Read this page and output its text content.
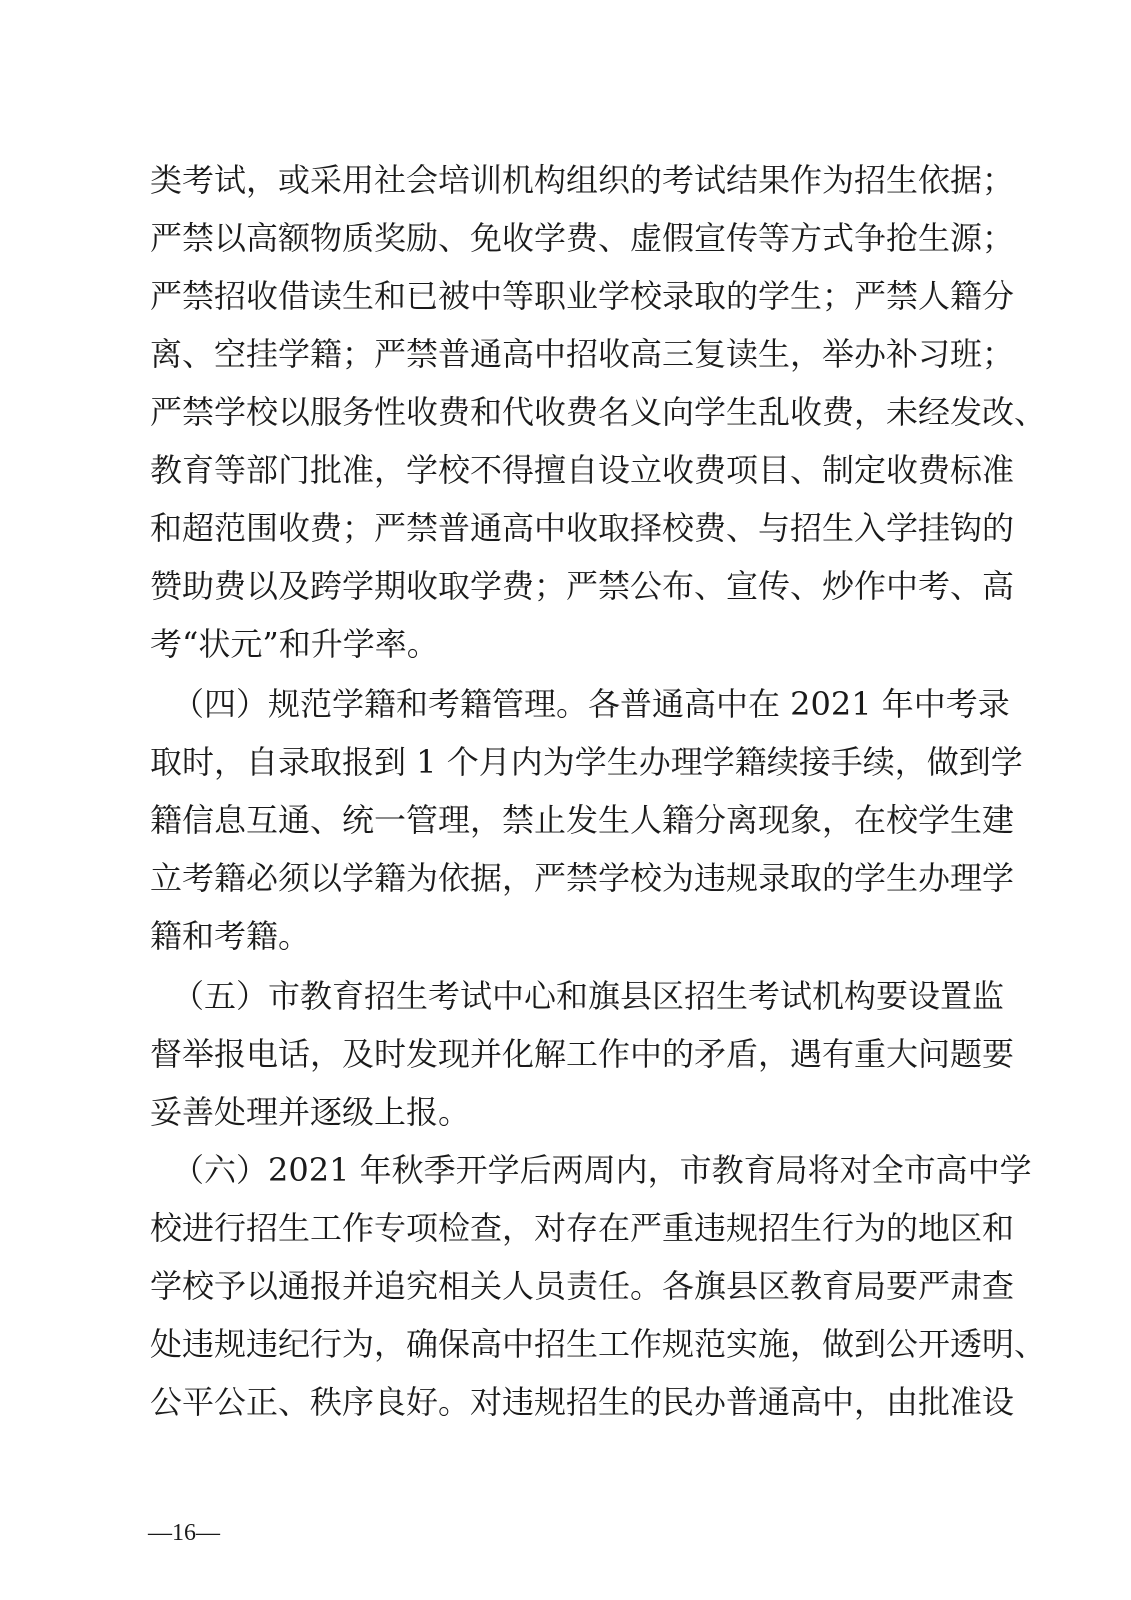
类考试，或采用社会培训机构组织的考试结果作为招生依据；
严禁以高额物质奖励、免收学费、虚假宣传等方式争抢生源；
严禁招收借读生和已被中等职业学校录取的学生；严禁人籍分
离、空挂学籍；严禁普通高中招收高三复读生，举办补习班；
严禁学校以服务性收费和代收费名义向学生乱收费，未经发改、
教育等部门批准，学校不得擅自设立收费项目、制定收费标准
和超范围收费；严禁普通高中收取择校费、与招生入学挂钩的
赞助费以及跨学期收取学费；严禁公布、宣传、炒作中考、高
考“状元”和升学率。
（四）规范学籍和考籍管理。各普通高中在 2021 年中考录
取时，自录取报到 1 个月内为学生办理学籍续接手续，做到学
籍信息互通、统一管理，禁止发生人籍分离现象，在校学生建
立考籍必须以学籍为依据，严禁学校为违规录取的学生办理学
籍和考籍。
（五）市教育招生考试中心和旗县区招生考试机构要设置监
督举报电话，及时发现并化解工作中的矛盾，遇有重大问题要
妥善处理并逐级上报。
（六）2021 年秋季开学后两周内，市教育局将对全市高中学
校进行招生工作专项检查，对存在严重违规招生行为的地区和
学校予以通报并追究相关人员责任。各旗县区教育局要严肃查
处违规违纪行为，确保高中招生工作规范实施，做到公开透明、
公平公正、秩序良好。对违规招生的民办普通高中，由批准设
—16—
